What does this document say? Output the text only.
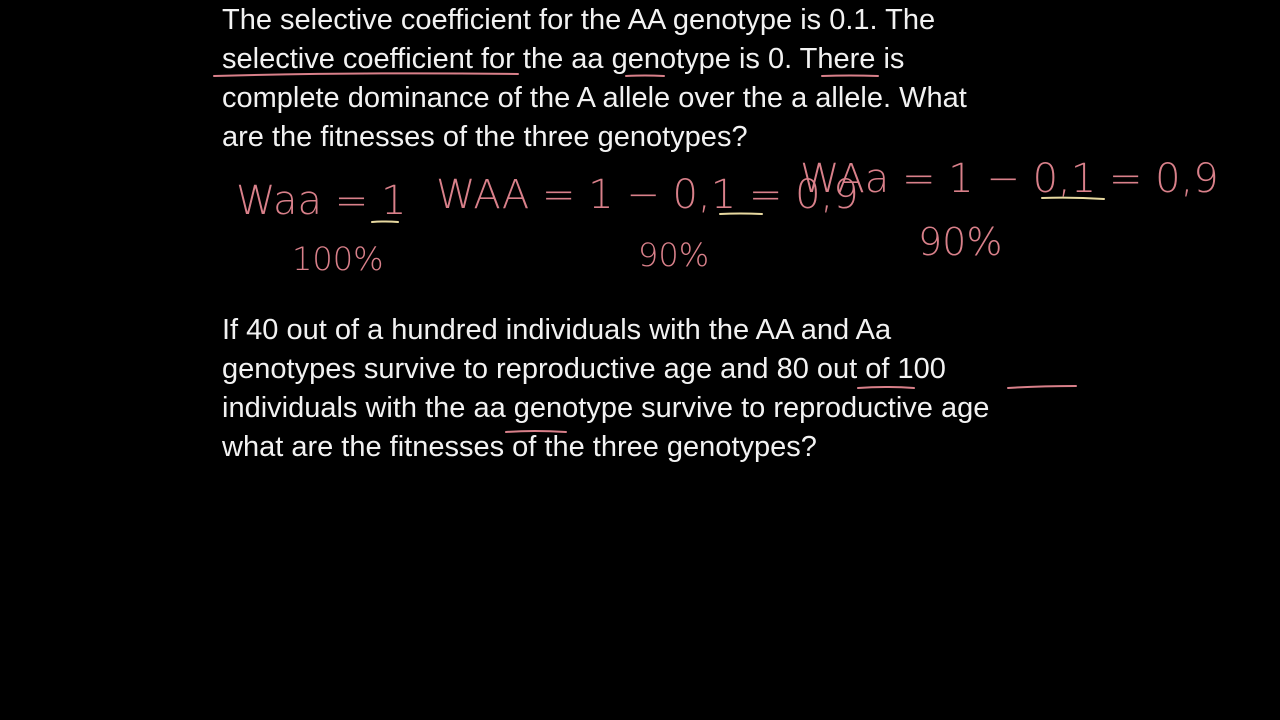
The selective coefficient for the AA genotype is 0.1. The
selective coefficient for the aa genotype is 0. There is
complete dominance of the A allele over the a allele. What
are the fitnesses of the three genotypes?
Waa = 1
100%
WAA = 1 − 0,1 = 0,9
90%
WAa = 1 − 0,1 = 0,9
90%
If 40 out of a hundred individuals with the AA and Aa
genotypes survive to reproductive age and 80 out of 100
individuals with the aa genotype survive to reproductive age
what are the fitnesses of the three genotypes?
